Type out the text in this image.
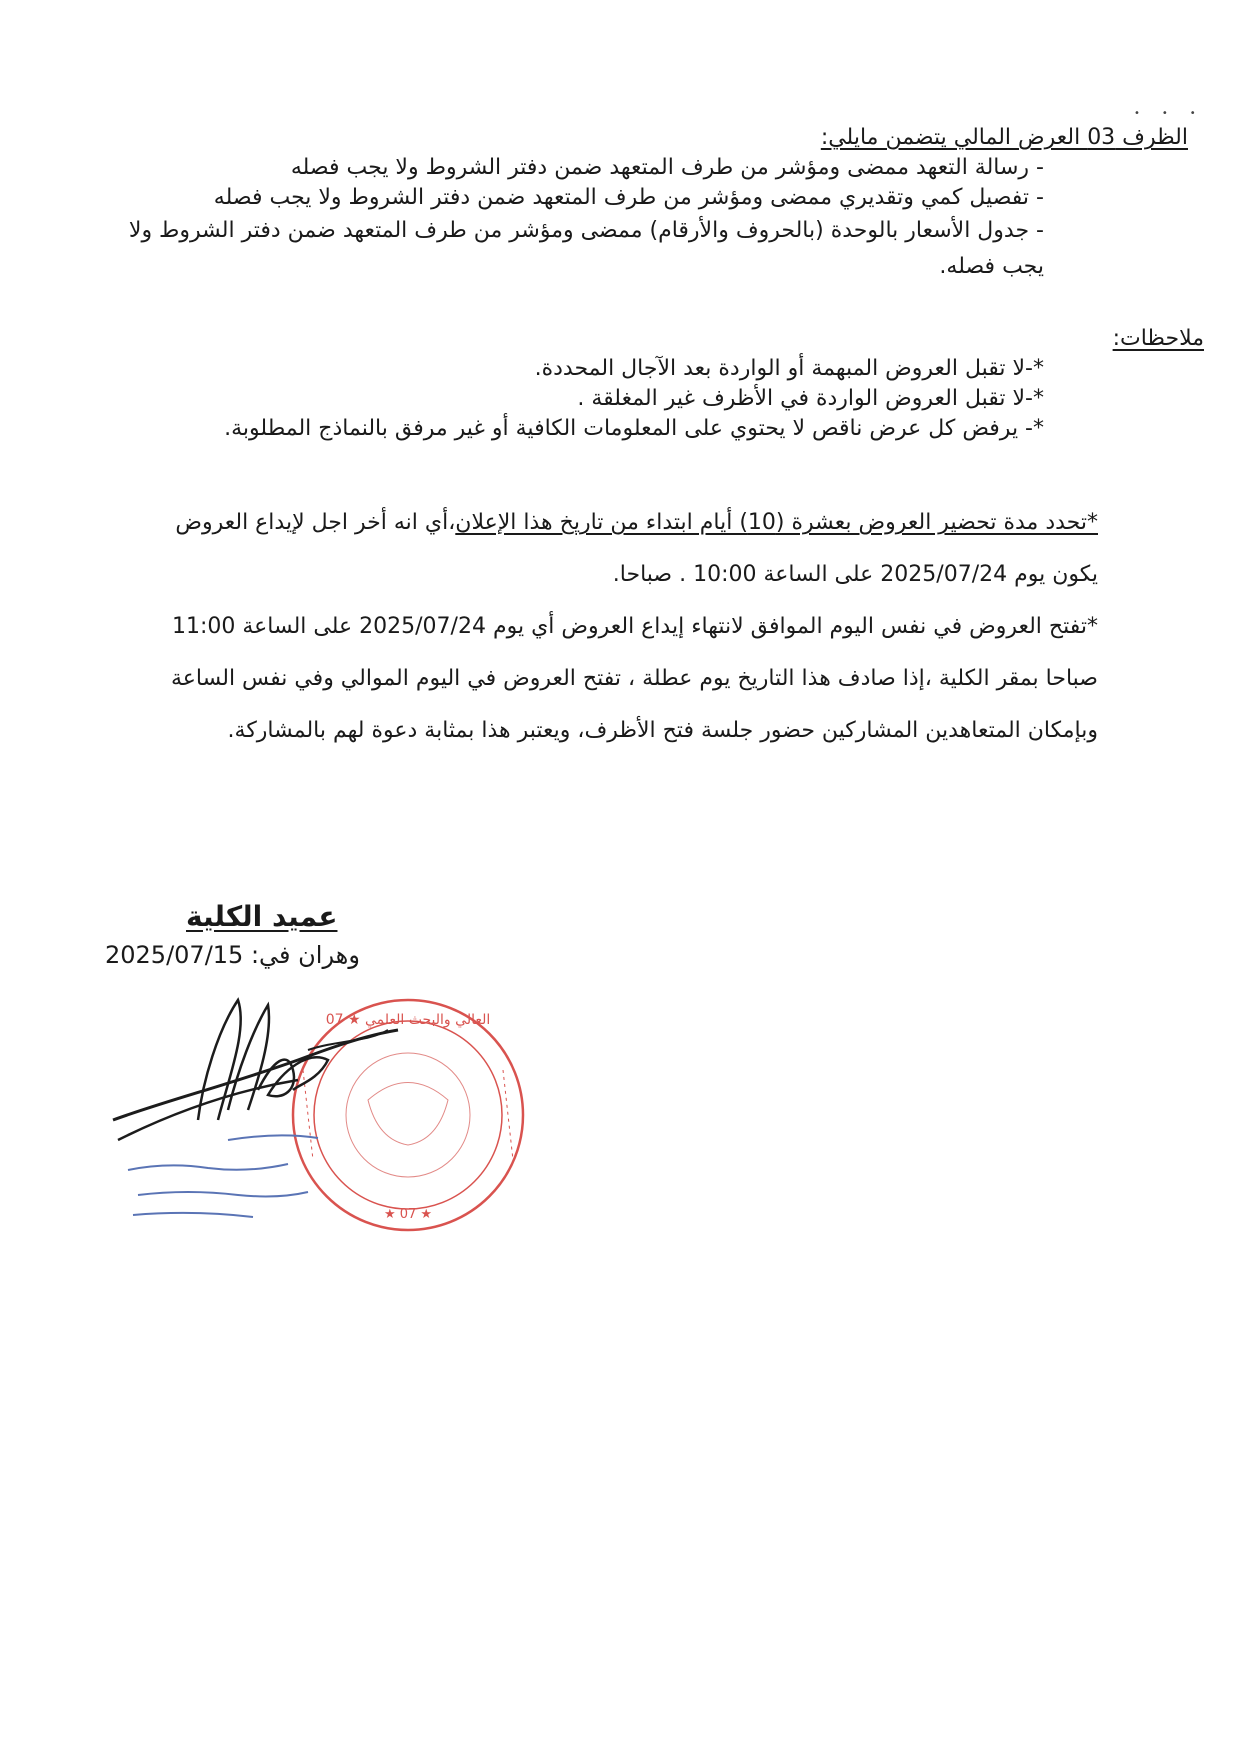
•••
الظرف 03 العرض المالي يتضمن مايلي:
- رسالة التعهد ممضى ومؤشر من طرف المتعهد ضمن دفتر الشروط ولا يجب فصله
- تفصيل كمي وتقديري ممضى ومؤشر من طرف المتعهد ضمن دفتر الشروط ولا يجب فصله
- جدول الأسعار بالوحدة (بالحروف والأرقام) ممضى ومؤشر من طرف المتعهد ضمن دفتر الشروط ولا يجب فصله.
ملاحظات:
*-لا تقبل العروض المبهمة أو الواردة بعد الآجال المحددة.
*-لا تقبل العروض الواردة في الأظرف غير المغلقة .
*- يرفض كل عرض ناقص لا يحتوي على المعلومات الكافية أو غير مرفق بالنماذج المطلوبة.
*تحدد مدة تحضير العروض بعشرة (10) أيام ابتداء من تاريخ هذا الإعلان،أي انه أخر اجل لإيداع العروض
يكون يوم 2025/07/24 على الساعة 10:00 . صباحا.
*تفتح العروض في نفس اليوم الموافق لانتهاء إيداع العروض أي يوم 2025/07/24 على الساعة 11:00
صباحا بمقر الكلية ،إذا صادف هذا التاريخ يوم عطلة ، تفتح العروض في اليوم الموالي وفي نفس الساعة
وبإمكان المتعاهدين المشاركين حضور جلسة فتح الأظرف، ويعتبر هذا بمثابة دعوة لهم بالمشاركة.
عميد الكلية
وهران في: 2025/07/15
العالي والبحث العلمي ★ 07
★ 07 ★
